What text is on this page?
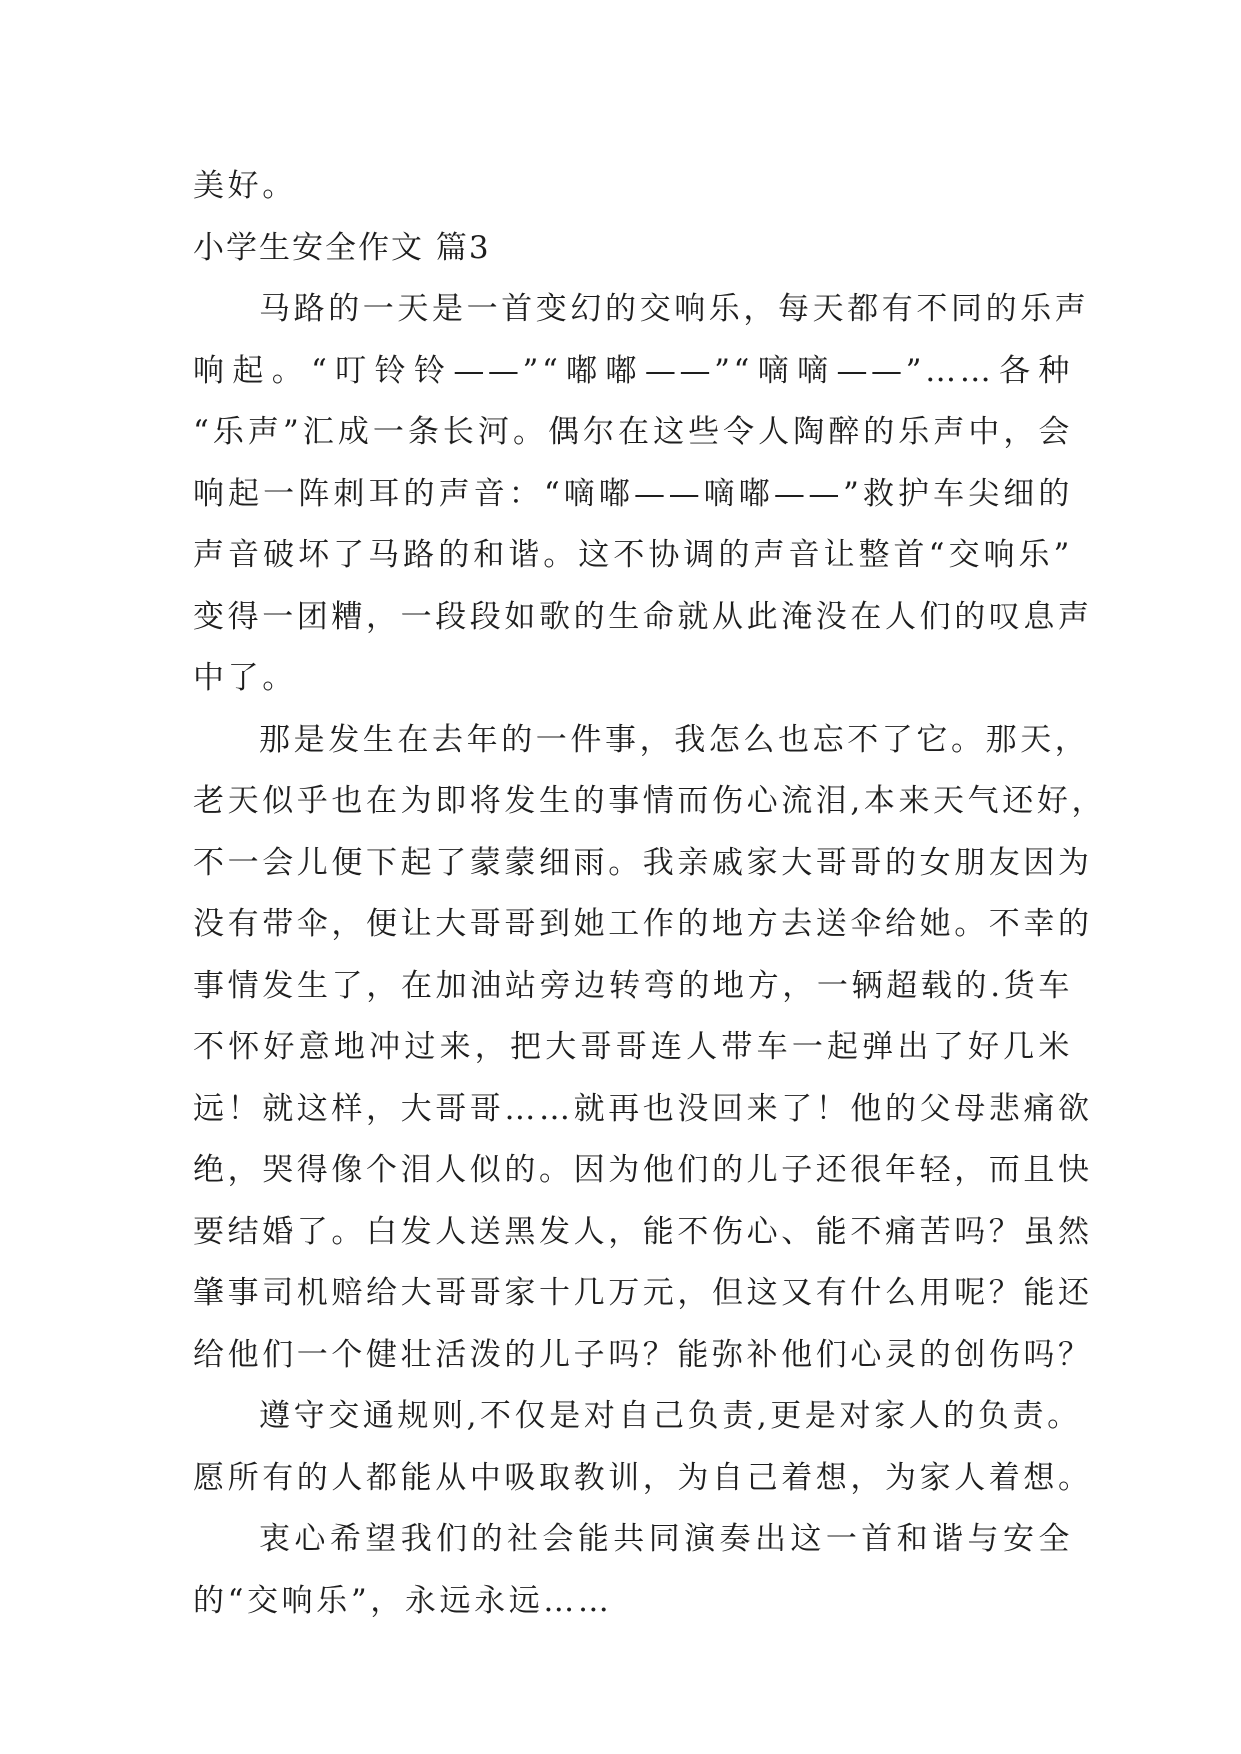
美好。

小学生安全作文 篇3

马路的一天是一首变幻的交响乐，每天都有不同的乐声

响起。“叮铃铃——”“嘟嘟——”“嘀嘀——”……各种

“乐声”汇成一条长河。偶尔在这些令人陶醉的乐声中，会

响起一阵刺耳的声音：“嘀嘟——嘀嘟——”救护车尖细的

声音破坏了马路的和谐。这不协调的声音让整首“交响乐”

变得一团糟，一段段如歌的生命就从此淹没在人们的叹息声

中了。

那是发生在去年的一件事，我怎么也忘不了它。那天，

老天似乎也在为即将发生的事情而伤心流泪,本来天气还好，

不一会儿便下起了蒙蒙细雨。我亲戚家大哥哥的女朋友因为

没有带伞，便让大哥哥到她工作的地方去送伞给她。不幸的

事情发生了，在加油站旁边转弯的地方，一辆超载的.货车

不怀好意地冲过来，把大哥哥连人带车一起弹出了好几米

远！就这样，大哥哥……就再也没回来了！他的父母悲痛欲

绝，哭得像个泪人似的。因为他们的儿子还很年轻，而且快

要结婚了。白发人送黑发人，能不伤心、能不痛苦吗？虽然

肇事司机赔给大哥哥家十几万元，但这又有什么用呢？能还

给他们一个健壮活泼的儿子吗？能弥补他们心灵的创伤吗？

遵守交通规则,不仅是对自己负责,更是对家人的负责。

愿所有的人都能从中吸取教训，为自己着想，为家人着想。

衷心希望我们的社会能共同演奏出这一首和谐与安全

的“交响乐”，永远永远……
